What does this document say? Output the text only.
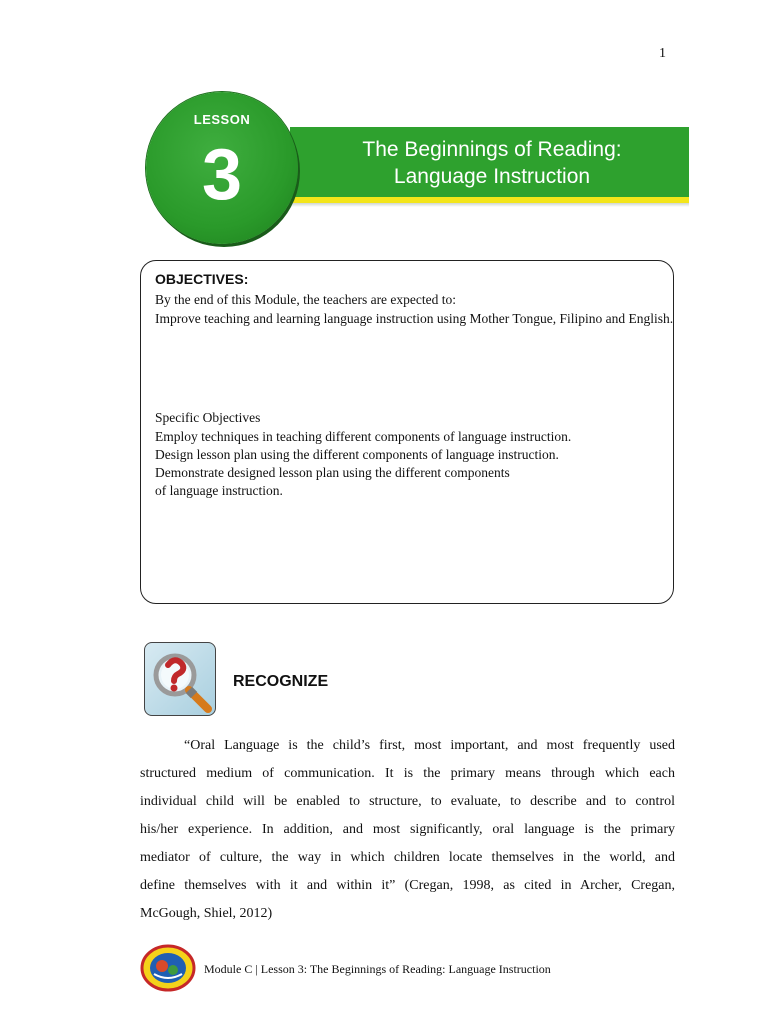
1
The Beginnings of Reading:
Language Instruction
LESSON
3
OBJECTIVES:
By the end of this Module, the teachers are expected to:
Improve teaching and learning language instruction using Mother Tongue, Filipino and English.
Specific Objectives
Employ techniques in teaching different components of language instruction.
Design lesson plan using the different components of language instruction.
Demonstrate designed lesson plan using the different components
of language instruction.
RECOGNIZE
“Oral Language is the child’s first, most important, and most frequently used
structured medium of communication. It is the primary means through which each
individual child will be enabled to structure, to evaluate, to describe and to control
his/her experience. In addition, and most significantly, oral language is the primary
mediator of culture, the way in which children locate themselves in the world, and
define themselves with it and within it” (Cregan, 1998, as cited in Archer, Cregan,
McGough, Shiel, 2012)
Module C | Lesson 3: The Beginnings of Reading: Language Instruction
